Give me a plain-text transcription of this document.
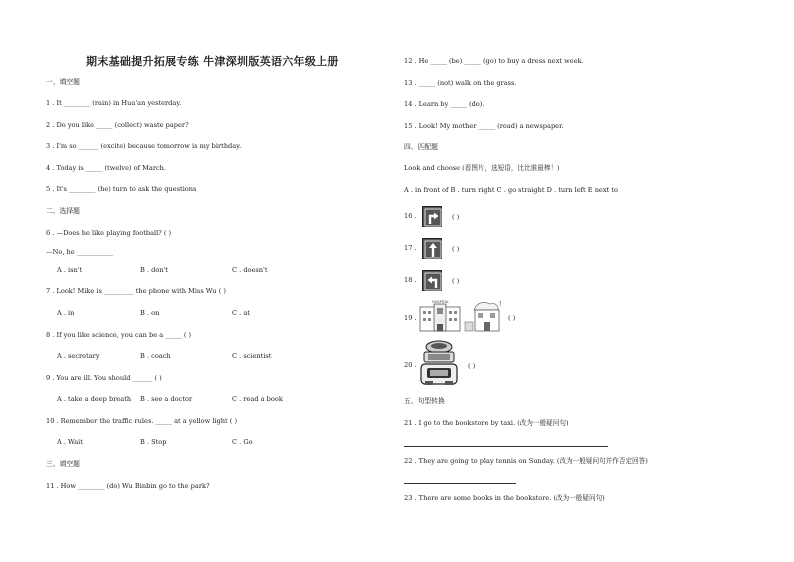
期末基础提升拓展专练 牛津深圳版英语六年级上册
一、填空题
1 . It ________ (rain) in Hua'an yesterday.
2 . Do you like _____ (collect) waste paper?
3 . I'm so ______ (excite) because tomorrow is my birthday.
4 . Today is _____ (twelve) of March.
5 . It's ________ (he) turn to ask the questions
二、选择题
6 . —Does he like playing football? ( )
—No, he ___________
A . isn't	B . don't	C . doesn't
7 . Look! Mike is _________ the phone with Miss Wu ( )
A . in	B . on	C . at
8 . If you like science, you can be a _____ ( )
A . secretary	B . coach	C . scientist
9 . You are ill. You should ______ ( )
A . take a deep breath B . see a doctor	C . read a book
10 . Remember the traffic rules. _____ at a yellow light ( )
A . Wait	B . Stop	C . Go
三、填空题
11 . How ________ (do) Wu Binbin go to the park?
12 . He _____ (be) _____ (go) to buy a dress next week.
13 . _____ (not) walk on the grass.
14 . Learn by _____ (do).
15 . Look! My mother _____ (read) a newspaper.
四、匹配题
Look and choose (看图片，选短语，比比谁最棒！)
A . in front of B . turn right C . go straight D . turn left E next to
16 .	( )
17 .	( )
18 .	( )
19 .
HOSPITAL	!
( )
20 .	( )
五、句型转换
21 . I go to the bookstore by taxi. (改为一般疑问句)
22 . They are going to play tennis on Sunday. (改为一般疑问句并作否定回答)
23 . There are some books in the bookstore. (改为一般疑问句)
